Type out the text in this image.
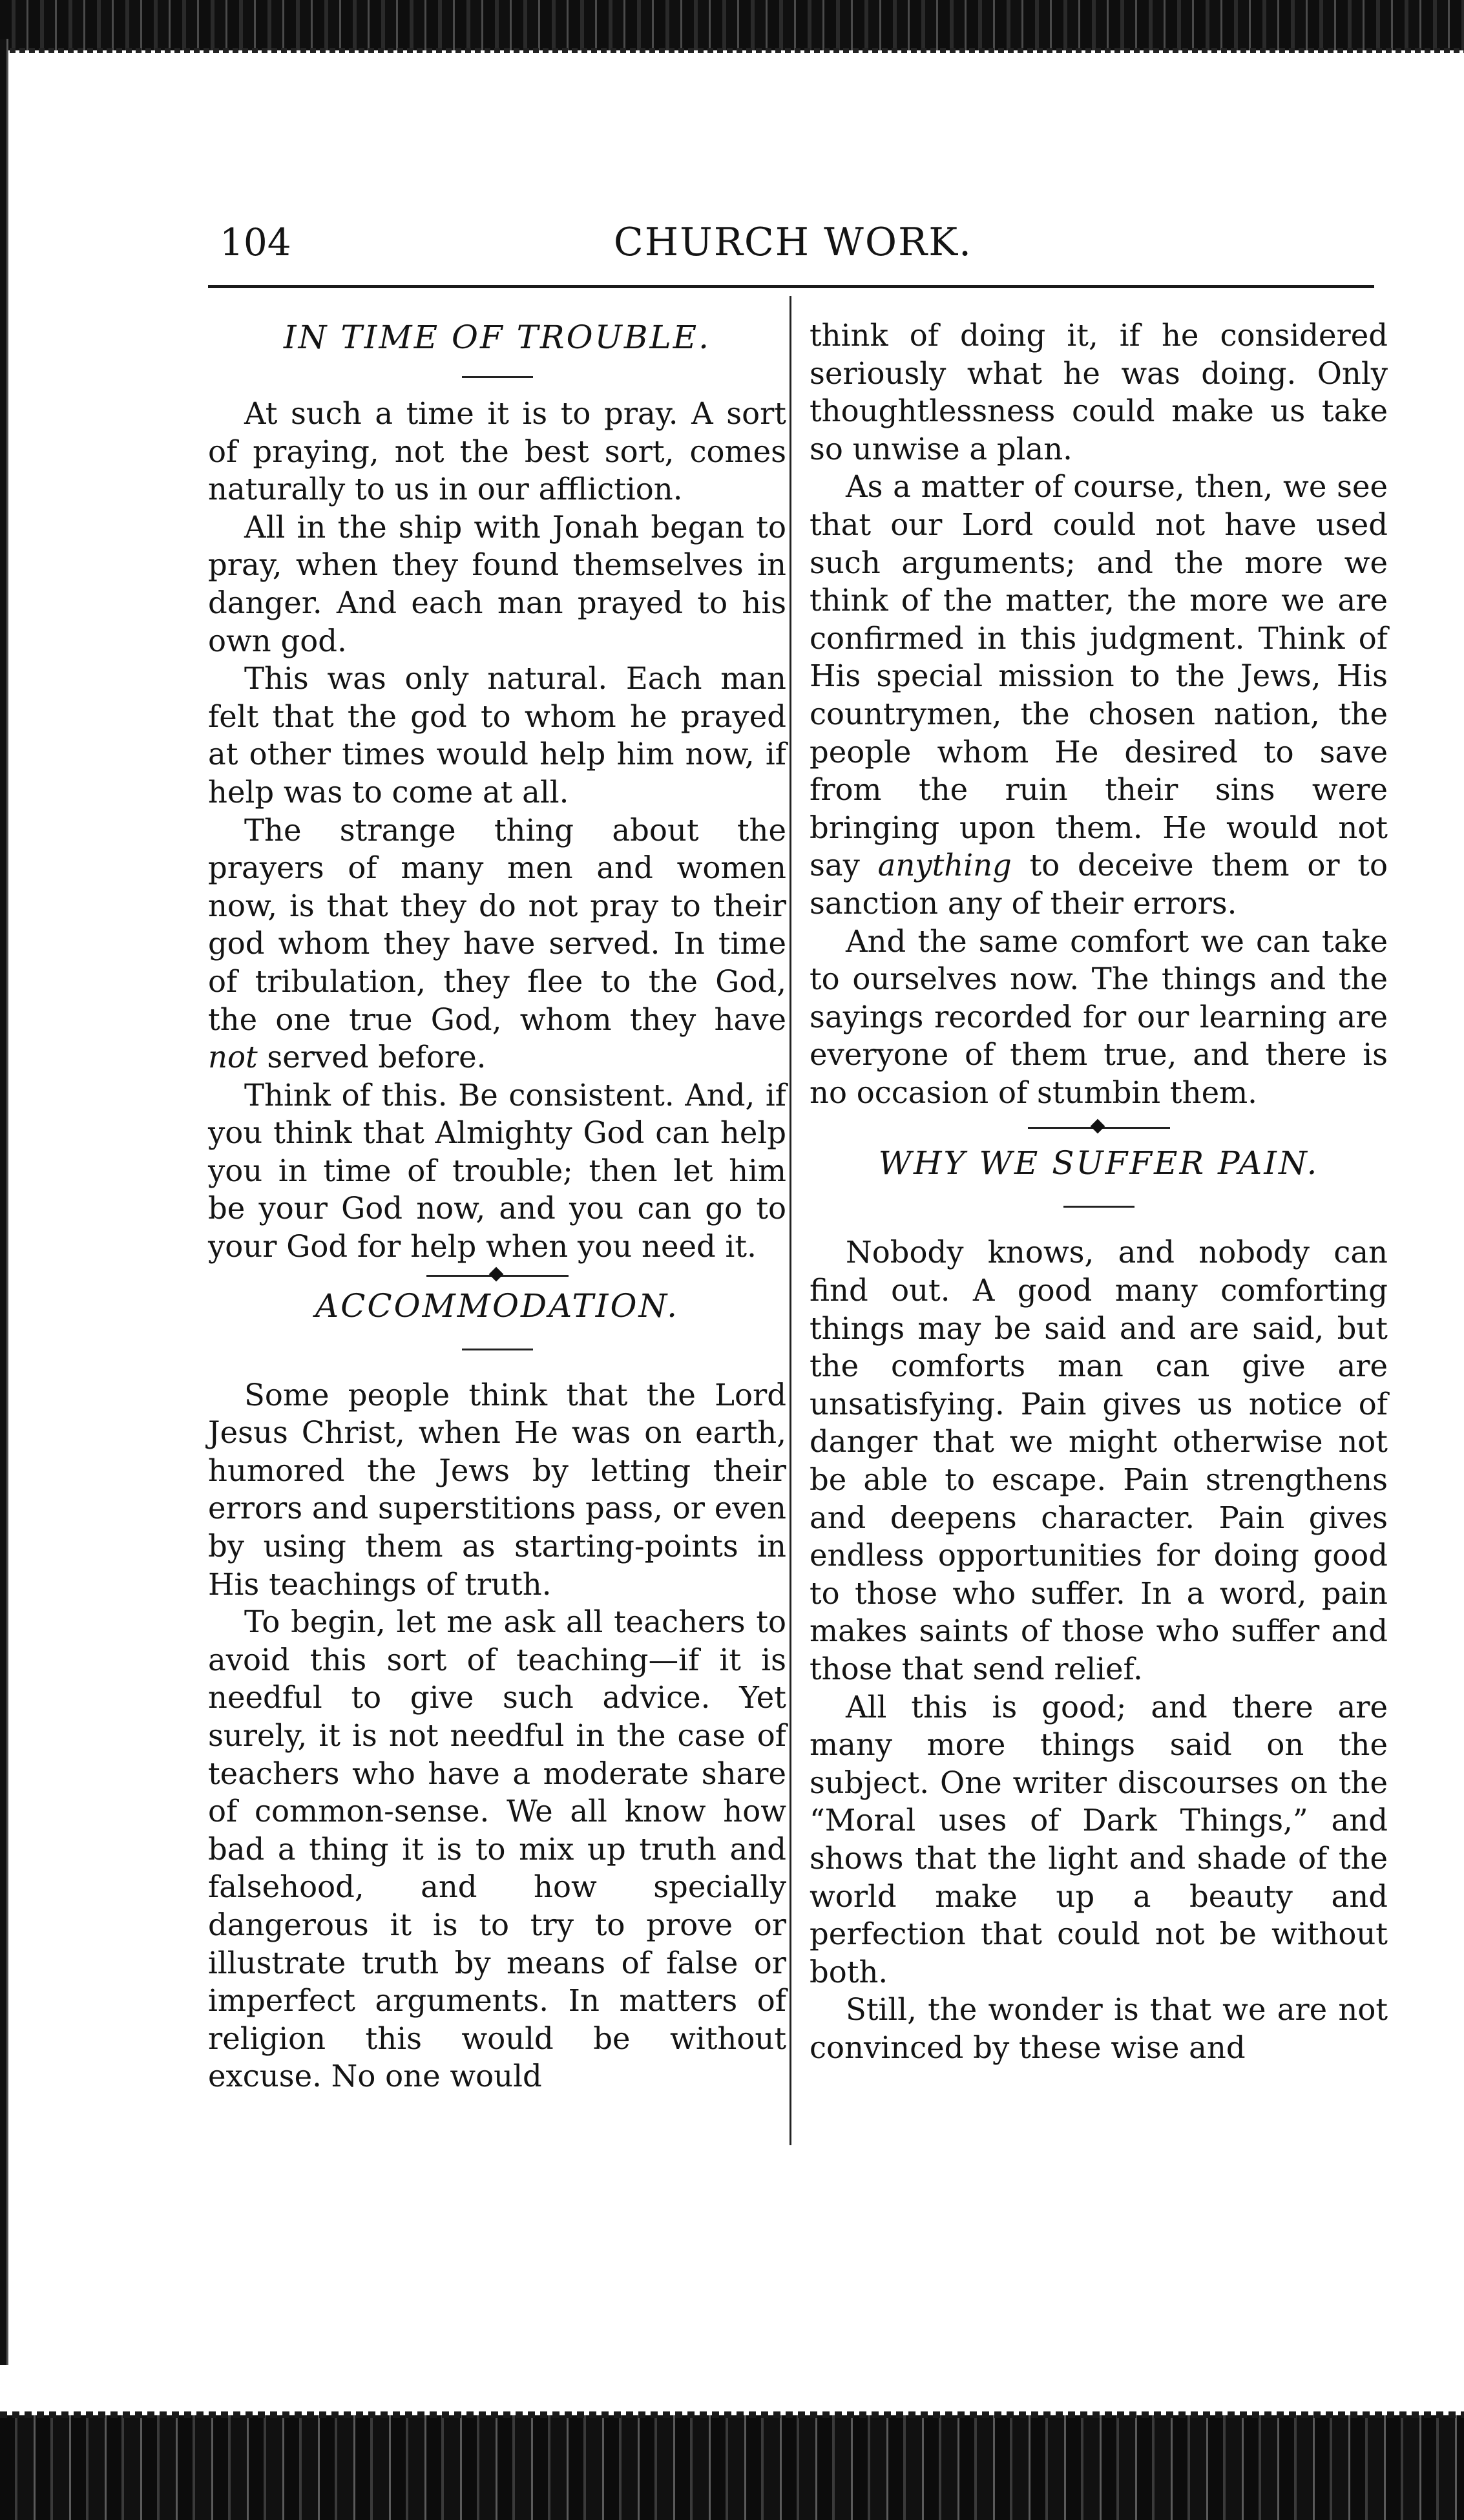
104	CHURCH WORK.
IN TIME OF TROUBLE.

At such a time it is to pray. A sort of praying, not the best sort, comes naturally to us in our affliction.

All in the ship with Jonah began to pray, when they found themselves in danger. And each man prayed to his own god.

This was only natural. Each man felt that the god to whom he prayed at other times would help him now, if help was to come at all.

The strange thing about the prayers of many men and women now, is that they do not pray to their god whom they have served. In time of tribulation, they flee to the God, the one true God, whom they have not served before.

Think of this. Be consistent. And, if you think that Almighty God can help you in time of trouble; then let him be your God now, and you can go to your God for help when you need it.

ACCOMMODATION.

Some people think that the Lord Jesus Christ, when He was on earth, humored the Jews by letting their errors and superstitions pass, or even by using them as starting-points in His teachings of truth.

To begin, let me ask all teachers to avoid this sort of teaching—if it is needful to give such advice. Yet surely, it is not needful in the case of teachers who have a moderate share of common-sense. We all know how bad a thing it is to mix up truth and falsehood, and how specially dangerous it is to try to prove or illustrate truth by means of false or imperfect arguments. In matters of religion this would be without excuse. No one would

think of doing it, if he considered seriously what he was doing. Only thoughtlessness could make us take so unwise a plan.

As a matter of course, then, we see that our Lord could not have used such arguments; and the more we think of the matter, the more we are confirmed in this judgment. Think of His special mission to the Jews, His countrymen, the chosen nation, the people whom He desired to save from the ruin their sins were bringing upon them. He would not say anything to deceive them or to sanction any of their errors.

And the same comfort we can take to ourselves now. The things and the sayings recorded for our learning are everyone of them true, and there is no occasion of stumbin them.

WHY WE SUFFER PAIN.

Nobody knows, and nobody can find out. A good many comforting things may be said and are said, but the comforts man can give are unsatisfying. Pain gives us notice of danger that we might otherwise not be able to escape. Pain strengthens and deepens character. Pain gives endless opportunities for doing good to those who suffer. In a word, pain makes saints of those who suffer and those that send relief.

All this is good; and there are many more things said on the subject. One writer discourses on the “Moral uses of Dark Things,” and shows that the light and shade of the world make up a beauty and perfection that could not be without both.

Still, the wonder is that we are not convinced by these wise and
